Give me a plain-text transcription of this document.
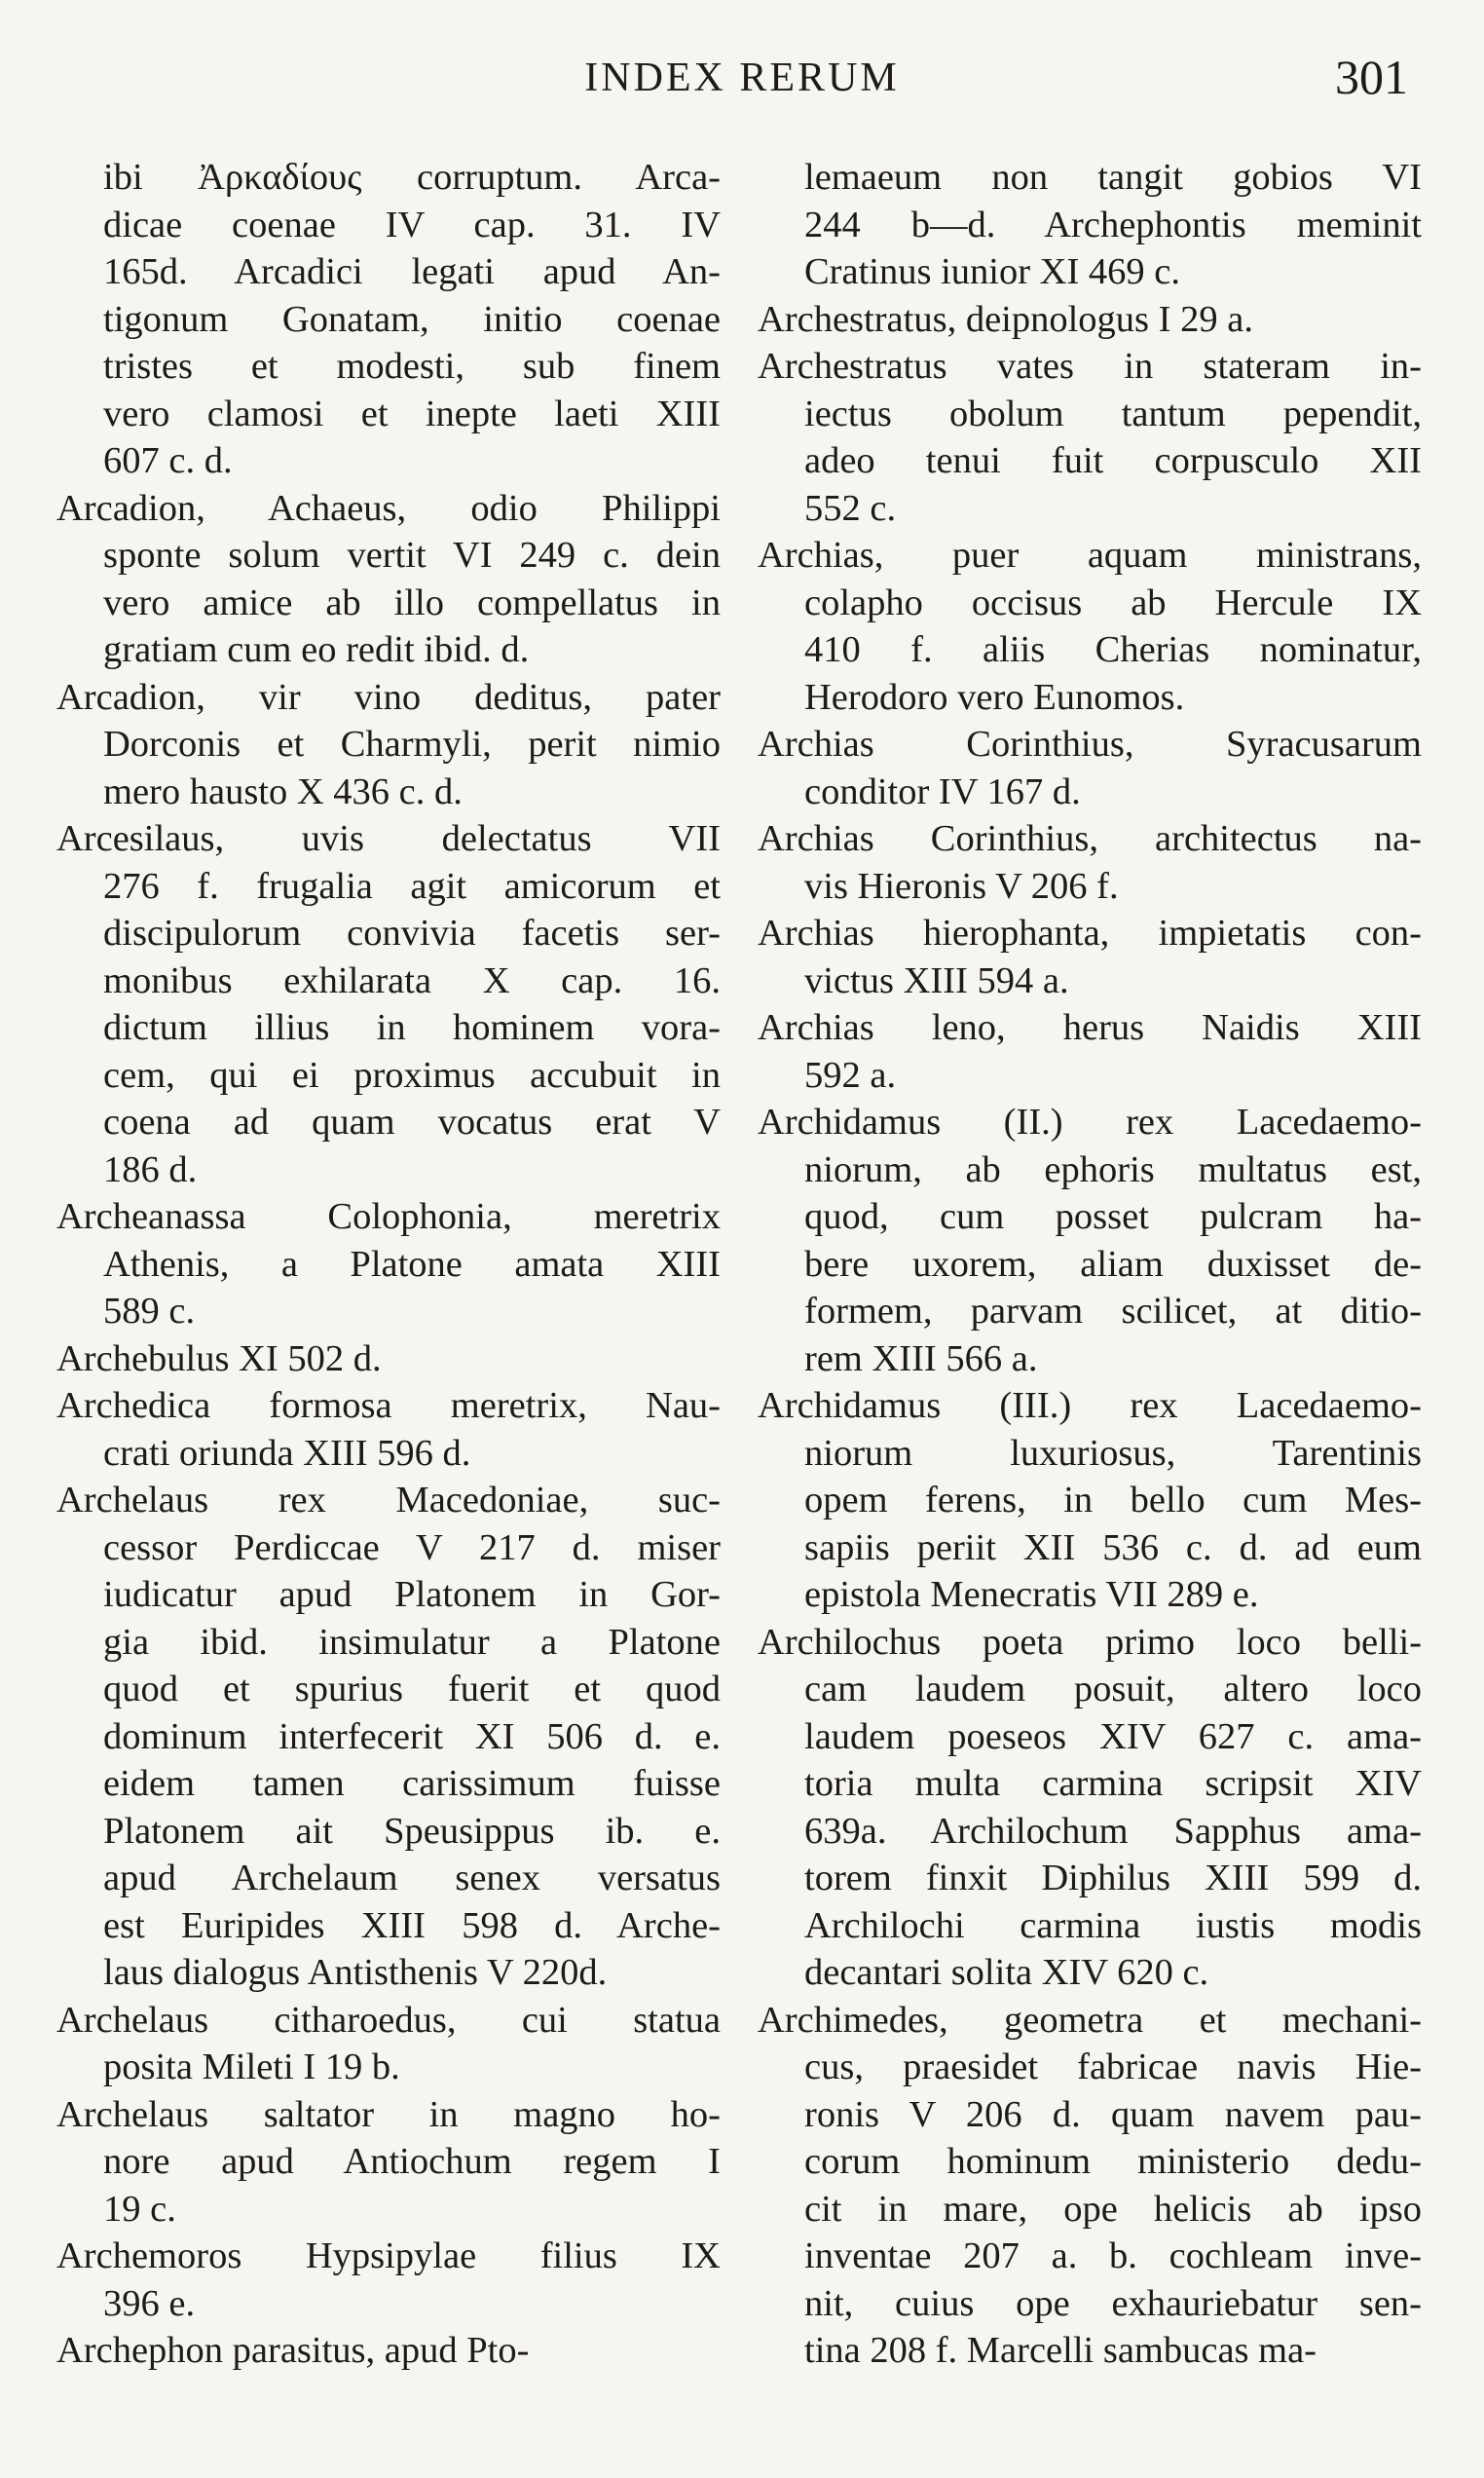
INDEX RERUM	301
ibi Ἀρκαδίους corruptum. Arca-
dicae coenae IV cap. 31. IV
165d. Arcadici legati apud An-
tigonum Gonatam, initio coenae
tristes et modesti, sub finem
vero clamosi et inepte laeti XIII
607 c. d.
Arcadion, Achaeus, odio Philippi
sponte solum vertit VI 249 c. dein
vero amice ab illo compellatus in
gratiam cum eo redit ibid. d.
Arcadion, vir vino deditus, pater
Dorconis et Charmyli, perit nimio
mero hausto X 436 c. d.
Arcesilaus, uvis delectatus VII
276 f. frugalia agit amicorum et
discipulorum convivia facetis ser-
monibus exhilarata X cap. 16.
dictum illius in hominem vora-
cem, qui ei proximus accubuit in
coena ad quam vocatus erat V
186 d.
Archeanassa Colophonia, meretrix
Athenis, a Platone amata XIII
589 c.
Archebulus XI 502 d.
Archedica formosa meretrix, Nau-
crati oriunda XIII 596 d.
Archelaus rex Macedoniae, suc-
cessor Perdiccae V 217 d. miser
iudicatur apud Platonem in Gor-
gia ibid. insimulatur a Platone
quod et spurius fuerit et quod
dominum interfecerit XI 506 d. e.
eidem tamen carissimum fuisse
Platonem ait Speusippus ib. e.
apud Archelaum senex versatus
est Euripides XIII 598 d. Arche-
laus dialogus Antisthenis V 220d.
Archelaus citharoedus, cui statua
posita Mileti I 19 b.
Archelaus saltator in magno ho-
nore apud Antiochum regem I
19 c.
Archemoros Hypsipylae filius IX
396 e.
Archephon parasitus, apud Pto-
lemaeum non tangit gobios VI
244 b—d. Archephontis meminit
Cratinus iunior XI 469 c.
Archestratus, deipnologus I 29 a.
Archestratus vates in stateram in-
iectus obolum tantum pependit,
adeo tenui fuit corpusculo XII
552 c.
Archias, puer aquam ministrans,
colapho occisus ab Hercule IX
410 f. aliis Cherias nominatur,
Herodoro vero Eunomos.
Archias Corinthius, Syracusarum
conditor IV 167 d.
Archias Corinthius, architectus na-
vis Hieronis V 206 f.
Archias hierophanta, impietatis con-
victus XIII 594 a.
Archias leno, herus Naidis XIII
592 a.
Archidamus (II.) rex Lacedaemo-
niorum, ab ephoris multatus est,
quod, cum posset pulcram ha-
bere uxorem, aliam duxisset de-
formem, parvam scilicet, at ditio-
rem XIII 566 a.
Archidamus (III.) rex Lacedaemo-
niorum luxuriosus, Tarentinis
opem ferens, in bello cum Mes-
sapiis periit XII 536 c. d. ad eum
epistola Menecratis VII 289 e.
Archilochus poeta primo loco belli-
cam laudem posuit, altero loco
laudem poeseos XIV 627 c. ama-
toria multa carmina scripsit XIV
639a. Archilochum Sapphus ama-
torem finxit Diphilus XIII 599 d.
Archilochi carmina iustis modis
decantari solita XIV 620 c.
Archimedes, geometra et mechani-
cus, praesidet fabricae navis Hie-
ronis V 206 d. quam navem pau-
corum hominum ministerio dedu-
cit in mare, ope helicis ab ipso
inventae 207 a. b. cochleam inve-
nit, cuius ope exhauriebatur sen-
tina 208 f. Marcelli sambucas ma-
